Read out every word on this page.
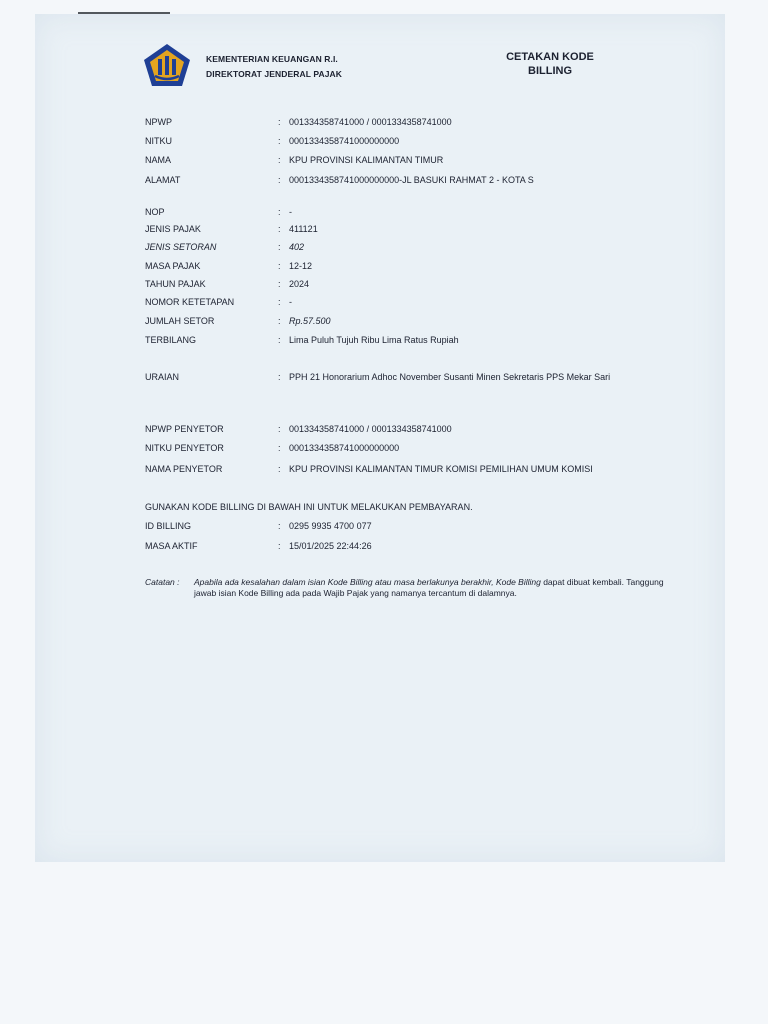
KEMENTERIAN KEUANGAN R.I.
DIREKTORAT JENDERAL PAJAK
CETAKAN KODE
BILLING
NPWP	: 001334358741000 / 0001334358741000
NITKU	: 0001334358741000000000
NAMA	: KPU PROVINSI KALIMANTAN TIMUR
ALAMAT	: 0001334358741000000000-JL BASUKI RAHMAT 2 - KOTA S
NOP	: -
JENIS PAJAK	: 411121
JENIS SETORAN	: 402
MASA PAJAK	: 12-12
TAHUN PAJAK	: 2024
NOMOR KETETAPAN	: -
JUMLAH SETOR	: Rp.57.500
TERBILANG	: Lima Puluh Tujuh Ribu Lima Ratus Rupiah
URAIAN	: PPH 21 Honorarium Adhoc November Susanti Minen Sekretaris PPS Mekar Sari
NPWP PENYETOR	: 001334358741000 / 0001334358741000
NITKU PENYETOR	: 0001334358741000000000
NAMA PENYETOR	: KPU PROVINSI KALIMANTAN TIMUR KOMISI PEMILIHAN UMUM KOMISI
GUNAKAN KODE BILLING DI BAWAH INI UNTUK MELAKUKAN PEMBAYARAN.
ID BILLING	: 0295 9935 4700 077
MASA AKTIF	: 15/01/2025 22:44:26
Catatan : Apabila ada kesalahan dalam isian Kode Billing atau masa berlakunya berakhir, Kode Billing dapat dibuat kembali. Tanggung jawab isian Kode Billing ada pada Wajib Pajak yang namanya tercantum di dalamnya.
